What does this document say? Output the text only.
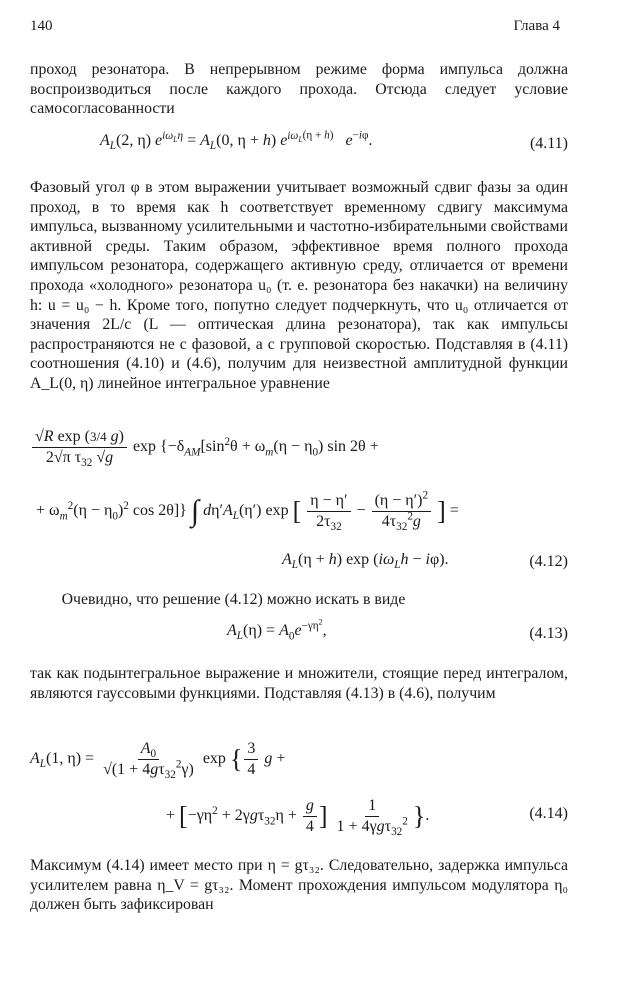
140	Глава 4

проход резонатора. В непрерывном режиме форма импульса должна воспроизводиться после каждого прохода. Отсюда следует условие самосогласованности

$A_L(2$, η) $e^{i\omega_L\eta} = A_L(0$, η + h) $e^{i\omega_L(\eta + h)}$ $e^{-i\varphi}$.	(4.11)

Фазовый угол φ в этом выражении учитывает возможный сдвиг фазы за один проход, в то время как h соответствует временному сдвигу максимума импульса, вызванному усилительными и частотно-избирательными свойствами активной среды. Таким образом, эффективное время полного прохода импульсом резонатора, содержащего активную среду, отличается от времени прохода «холодного» резонатора u₀ (т. е. резонатора без накачки) на величину h: u = u₀ − h. Кроме того, попутно следует подчеркнуть, что u₀ отличается от значения 2L/c (L — оптическая длина резонатора), так как импульсы распространяются не с фазовой, а с групповой скоростью. Подставляя в (4.11) соотношения (4.10) и (4.6), получим для неизвестной амплитудной функции A_L(0, η) линейное интегральное уравнение

$\frac{\text{√R exp (3/4 g)}}{2√\pi \tau_{32} √g}$ $\exp \{-\delta_{AM}[\sin^2\theta + \omega_m(\eta - \eta_0)$ sin 2θ +
+ $\omega_m^2(\eta - \eta_0)^2$ cos 2θ]} ∫ $d\eta'A_L(\eta')$ exp [ $\frac{\eta - \eta'}{2\tau_{32}} - \frac{(\eta - \eta')^2}{4\tau_{32}^2g}$ ] =
$A_L(\eta + h)$ $\exp (i\omega_Lh - i\varphi)$.	(4.12)

Очевидно, что решение (4.12) можно искать в виде

$A_L(\eta) = A_0e^{-\gamma\eta^2}$,	(4.13)

так как подынтегральное выражение и множители, стоящие перед интегралом, являются гауссовыми функциями. Подставляя (4.13) в (4.6), получим

$A_L(1$, $\eta) = \frac{A_0}{√(1 + 4g\tau_{32}^2\gamma)}$ exp { $\frac{3}{4}$ g +
+ [$-\gamma\eta^2 + 2\gamma g\tau_{32}\eta + \frac{g}{4}$ ] $\frac{1}{1 + 4\gamma g\tau_{32}^2}$ }.	(4.14)

Максимум (4.14) имеет место при η = gτ₃₂. Следовательно, задержка импульса усилителем равна η_V = gτ₃₂. Момент прохождения импульсом модулятора η₀ должен быть зафиксирован
